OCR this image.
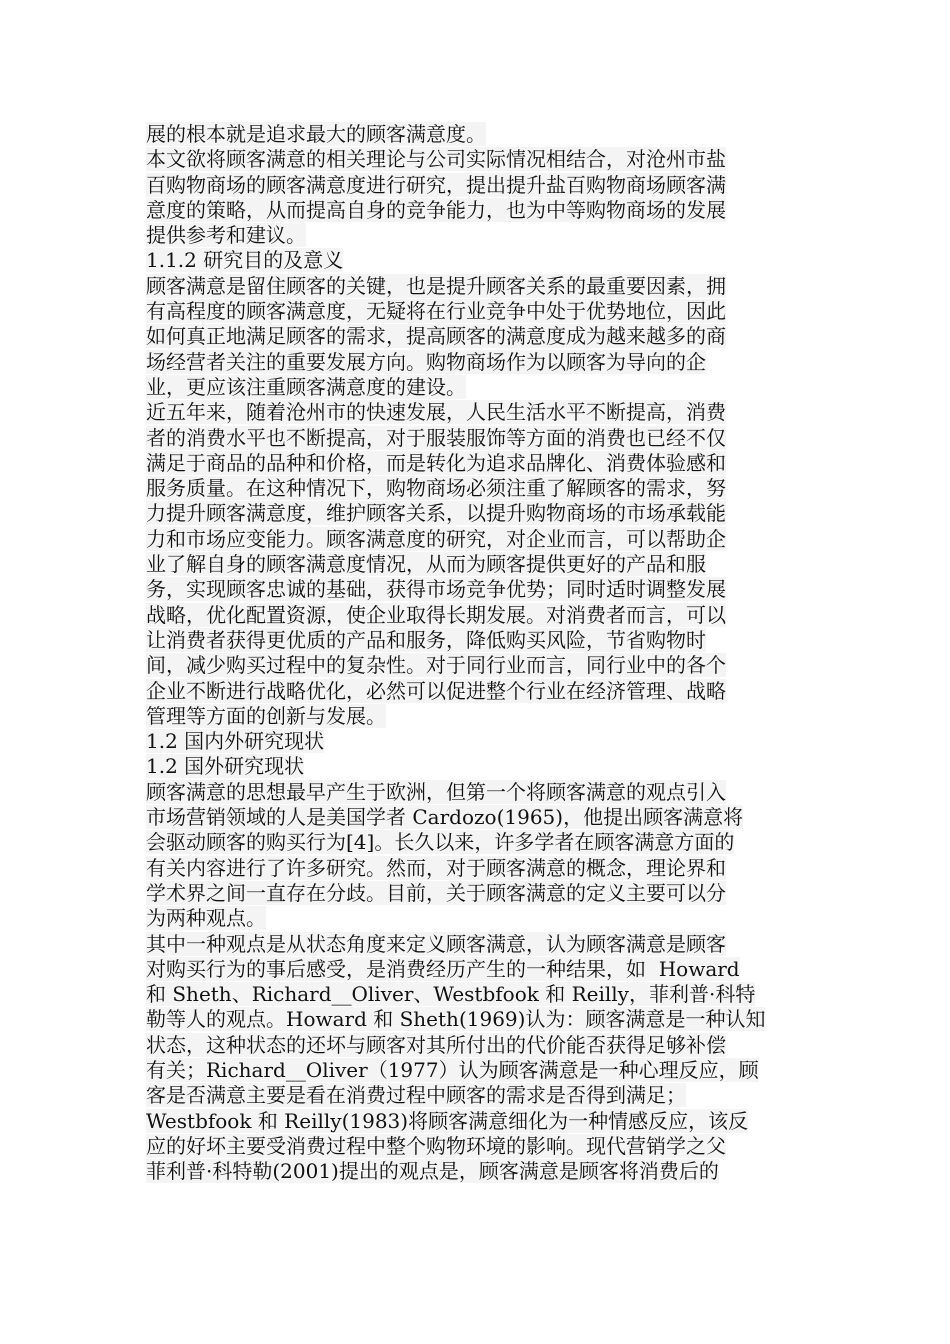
展的根本就是追求最大的顾客满意度。
本文欲将顾客满意的相关理论与公司实际情况相结合，对沧州市盐
百购物商场的顾客满意度进行研究，提出提升盐百购物商场顾客满
意度的策略，从而提高自身的竞争能力，也为中等购物商场的发展
提供参考和建议。
1.1.2 研究目的及意义
顾客满意是留住顾客的关键，也是提升顾客关系的最重要因素，拥
有高程度的顾客满意度，无疑将在行业竞争中处于优势地位，因此
如何真正地满足顾客的需求，提高顾客的满意度成为越来越多的商
场经营者关注的重要发展方向。购物商场作为以顾客为导向的企
业，更应该注重顾客满意度的建设。
近五年来，随着沧州市的快速发展，人民生活水平不断提高，消费
者的消费水平也不断提高，对于服装服饰等方面的消费也已经不仅
满足于商品的品种和价格，而是转化为追求品牌化、消费体验感和
服务质量。在这种情况下，购物商场必须注重了解顾客的需求，努
力提升顾客满意度，维护顾客关系，以提升购物商场的市场承载能
力和市场应变能力。顾客满意度的研究，对企业而言，可以帮助企
业了解自身的顾客满意度情况，从而为顾客提供更好的产品和服
务，实现顾客忠诚的基础，获得市场竞争优势；同时适时调整发展
战略，优化配置资源，使企业取得长期发展。对消费者而言，可以
让消费者获得更优质的产品和服务，降低购买风险，节省购物时
间，减少购买过程中的复杂性。对于同行业而言，同行业中的各个
企业不断进行战略优化，必然可以促进整个行业在经济管理、战略
管理等方面的创新与发展。
1.2 国内外研究现状
1.2 国外研究现状
顾客满意的思想最早产生于欧洲，但第一个将顾客满意的观点引入
市场营销领域的人是美国学者 Cardozo(1965)，他提出顾客满意将
会驱动顾客的购买行为[4]。长久以来，许多学者在顾客满意方面的
有关内容进行了许多研究。然而，对于顾客满意的概念，理论界和
学术界之间一直存在分歧。目前，关于顾客满意的定义主要可以分
为两种观点。
其中一种观点是从状态角度来定义顾客满意，认为顾客满意是顾客
对购买行为的事后感受，是消费经历产生的一种结果，如  Howard
和 Sheth、Richard__Oliver、Westbfook 和 Reilly，菲利普·科特
勒等人的观点。Howard 和 Sheth(1969)认为：顾客满意是一种认知
状态，这种状态的还坏与顾客对其所付出的代价能否获得足够补偿
有关；Richard__Oliver（1977）认为顾客满意是一种心理反应，顾
客是否满意主要是看在消费过程中顾客的需求是否得到满足；
Westbfook 和 Reilly(1983)将顾客满意细化为一种情感反应，该反
应的好坏主要受消费过程中整个购物环境的影响。现代营销学之父
菲利普·科特勒(2001)提出的观点是，顾客满意是顾客将消费后的
